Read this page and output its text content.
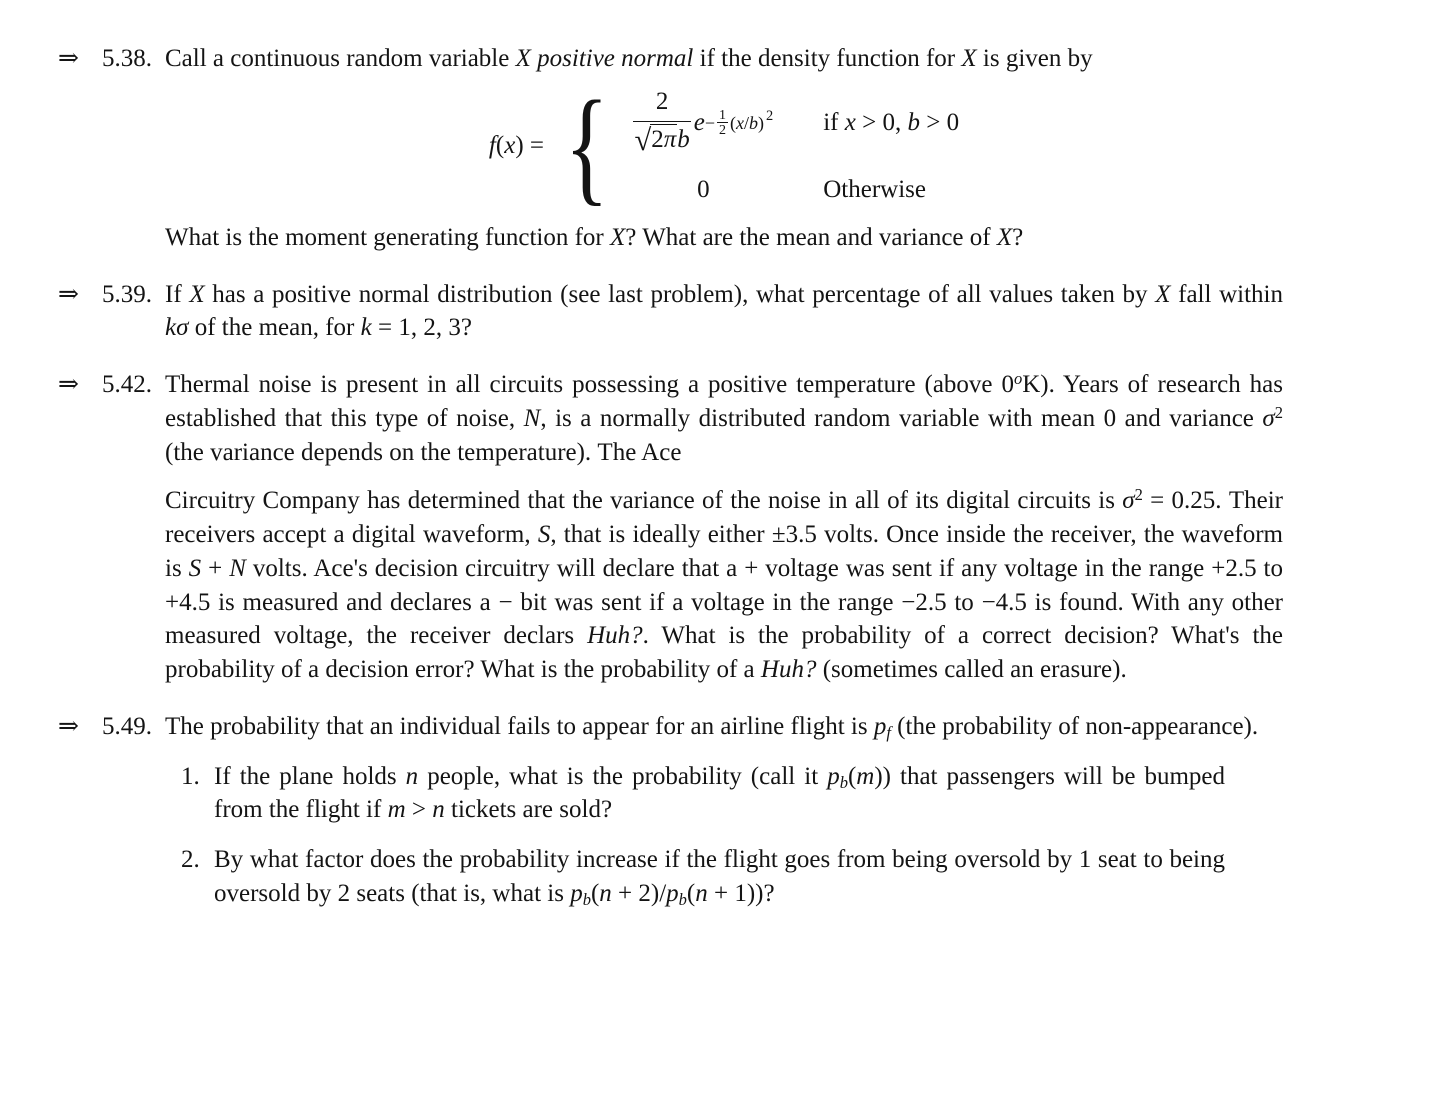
⇒ 5.38. Call a continuous random variable X positive normal if the density function for X is given by
f(x) = { $\frac{2}{\text{√ 2π b}}$ $e - \frac{1}{2} (x/b)$ 2 if x > 0, b > 0
0	Otherwise
What is the moment generating function for X? What are the mean and variance of X?
⇒ 5.39. If X has a positive normal distribution (see last problem), what percentage of all values taken by X fall within kσ of the mean, for k = 1, 2, 3?
⇒ 5.42. Thermal noise is present in all circuits possessing a positive temperature (above 0$^o$K). Years of research has established that this type of noise, N, is a normally distributed random variable with mean 0 and variance $\sigma^2$ (the variance depends on the temperature). The Ace
Circuitry Company has determined that the variance of the noise in all of its digital circuits is $\sigma^2 = 0.25$. Their receivers accept a digital waveform, S, that is ideally either ±3.5 volts. Once inside the receiver, the waveform is S + N volts. Ace's decision circuitry will declare that a + voltage was sent if any voltage in the range +2.5 to +4.5 is measured and declares a − bit was sent if a voltage in the range −2.5 to −4.5 is found. With any other measured voltage, the receiver declars Huh?. What is the probability of a correct decision? What's the probability of a decision error? What is the probability of a Huh? (sometimes called an erasure).
⇒ 5.49. The probability that an individual fails to appear for an airline flight is pf (the probability of non-appearance).
1. If the plane holds n people, what is the probability (call it pb(m)) that passengers will be bumped from the flight if m > n tickets are sold?
2. By what factor does the probability increase if the flight goes from being oversold by 1 seat to being oversold by 2 seats (that is, what is pb(n + 2)/pb(n + 1))?
